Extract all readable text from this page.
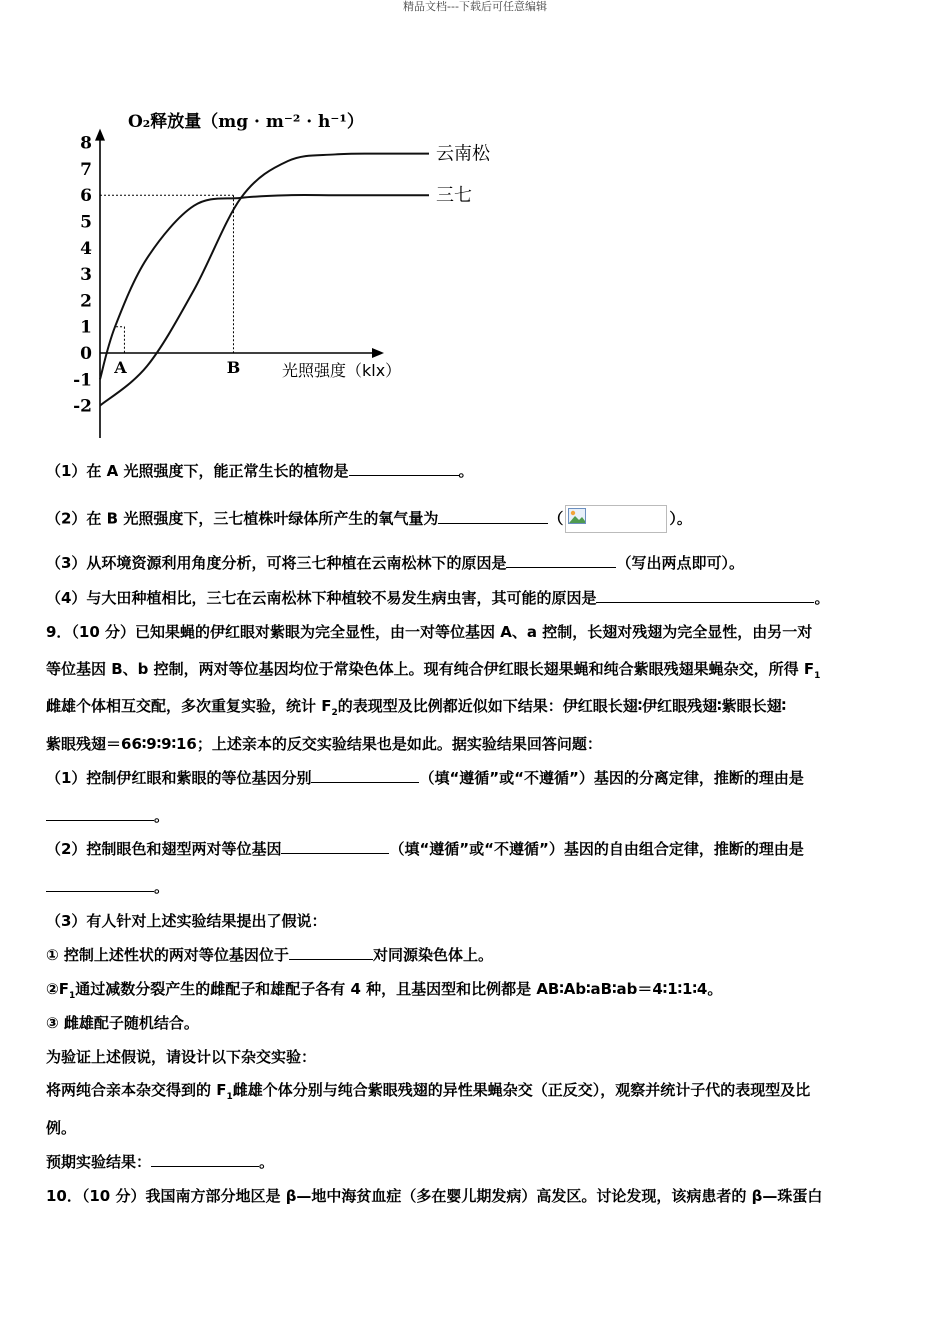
精品文档---下载后可任意编辑
O₂释放量（mg · m⁻² · h⁻¹）
光照强度（klx）
8
7
6
5
4
3
2
1
0
-1
-2
云南松
三七
A	B
（1）在 A 光照强度下，能正常生长的植物是	。
（2）在 B 光照强度下，三七植株叶绿体所产生的氧气量为	（	）。
（3）从环境资源利用角度分析，可将三七种植在云南松林下的原因是	（写出两点即可）。
（4）与大田种植相比，三七在云南松林下种植较不易发生病虫害，其可能的原因是	。
9．（10 分）已知果蝇的伊红眼对紫眼为完全显性，由一对等位基因 A、a 控制，长翅对残翅为完全显性，由另一对
等位基因 B、b 控制，两对等位基因均位于常染色体上。现有纯合伊红眼长翅果蝇和纯合紫眼残翅果蝇杂交，所得 $F_1$
雌雄个体相互交配，多次重复实验，统计 $F_2$的表现型及比例都近似如下结果：伊红眼长翅∶伊红眼残翅∶紫眼长翅∶
紫眼残翅＝66∶9∶9∶16；上述亲本的反交实验结果也是如此。据实验结果回答问题：
（1）控制伊红眼和紫眼的等位基因分别	（填“遵循”或“不遵循”）基因的分离定律，推断的理由是
。
（2）控制眼色和翅型两对等位基因	（填“遵循”或“不遵循”）基因的自由组合定律，推断的理由是
。
（3）有人针对上述实验结果提出了假说：
① 控制上述性状的两对等位基因位于	对同源染色体上。
$②F_1$通过减数分裂产生的雌配子和雄配子各有 4 种，且基因型和比例都是 AB∶Ab∶aB∶ab＝4∶1∶1∶4。
③ 雌雄配子随机结合。
为验证上述假说，请设计以下杂交实验：
将两纯合亲本杂交得到的 $F_1$雌雄个体分别与纯合紫眼残翅的异性果蝇杂交（正反交），观察并统计子代的表现型及比
例。
预期实验结果：	。
10．（10 分）我国南方部分地区是 β—地中海贫血症（多在婴儿期发病）高发区。讨论发现，该病患者的 β—珠蛋白
